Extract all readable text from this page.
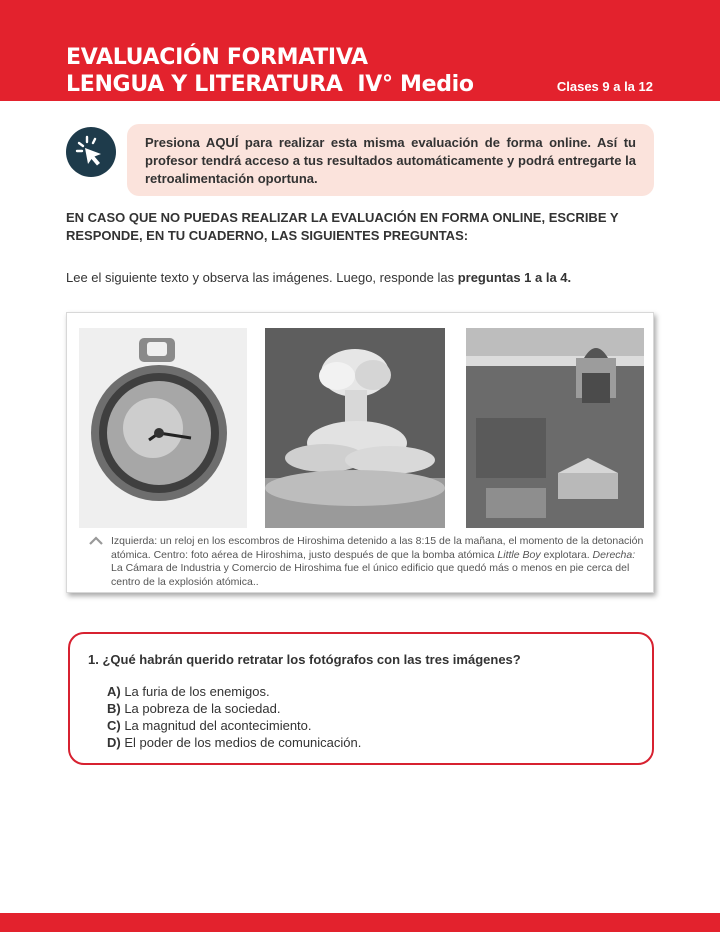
EVALUACIÓN FORMATIVA
LENGUA Y LITERATURA  IV° Medio	Clases 9 a la 12

Presiona AQUÍ para realizar esta misma evaluación de forma online. Así tu profesor tendrá acceso a tus resultados automáticamente y podrá entregarte la retroalimentación oportuna.

EN CASO QUE NO PUEDAS REALIZAR LA EVALUACIÓN EN FORMA ONLINE, ESCRIBE Y RESPONDE, EN TU CUADERNO, LAS SIGUIENTES PREGUNTAS:
Lee el siguiente texto y observa las imágenes. Luego, responde las preguntas 1 a la 4.
Izquierda: un reloj en los escombros de Hiroshima detenido a las 8:15 de la mañana, el momento de la detonación atómica. Centro: foto aérea de Hiroshima, justo después de que la bomba atómica Little Boy explotara. Derecha: La Cámara de Industria y Comercio de Hiroshima fue el único edificio que quedó más o menos en pie cerca del centro de la explosión atómica..
1. ¿Qué habrán querido retratar los fotógrafos con las tres imágenes?
A) La furia de los enemigos.
B) La pobreza de la sociedad.
C) La magnitud del acontecimiento.
D) El poder de los medios de comunicación.
